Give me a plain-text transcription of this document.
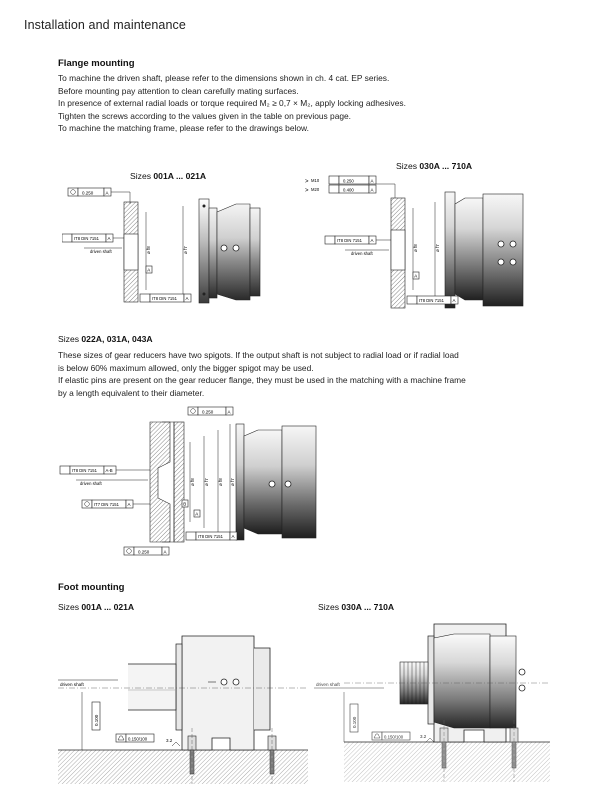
Installation and maintenance
Flange mounting
To machine the driven shaft, please refer to the dimensions shown in ch. 4 cat. EP series.
Before mounting pay attention to clean carefully mating surfaces.
In presence of external radial loads or torque required M₂ ≥ 0,7 × M₂, apply locking adhesives.
Tighten the screws according to the values given in the table on previous page.
To machine the matching frame, please refer to the drawings below.
Sizes 001A ... 021A
0.250	A
IT8 DIN 7151 A
driven shaft	ø f8	ø f7
A
IT8 DIN 7151 A
Sizes 030A ... 710A
M10
M20
>
>
0.250	A
0.400	A
IT8 DIN 7151 A
driven shaft
ø f8	ø f7
A
IT8 DIN 7151 A
Sizes 022A, 031A, 043A
These sizes of gear reducers have two spigots. If the output shaft is not subject to radial load or if radial load
is below 60% maximum allowed, only the bigger spigot may be used.
If elastic pins are present on the gear reducer flange, they must be used in the matching with a machine frame
by a length equivalent to their diameter.
0.250	A
IT8 DIN 7151 A-B
driven shaft
IT7 DIN 7151 A
ø f8 ø f7 ø f8 ø f7
B
A
IT8 DIN 7151 A
0.250	A
Foot mounting
Sizes 001A ... 021A	Sizes 030A ... 710A
driven shaft
0.100
0.150/100	3.2
driven shaft
0.100
0.150/100	3.2
